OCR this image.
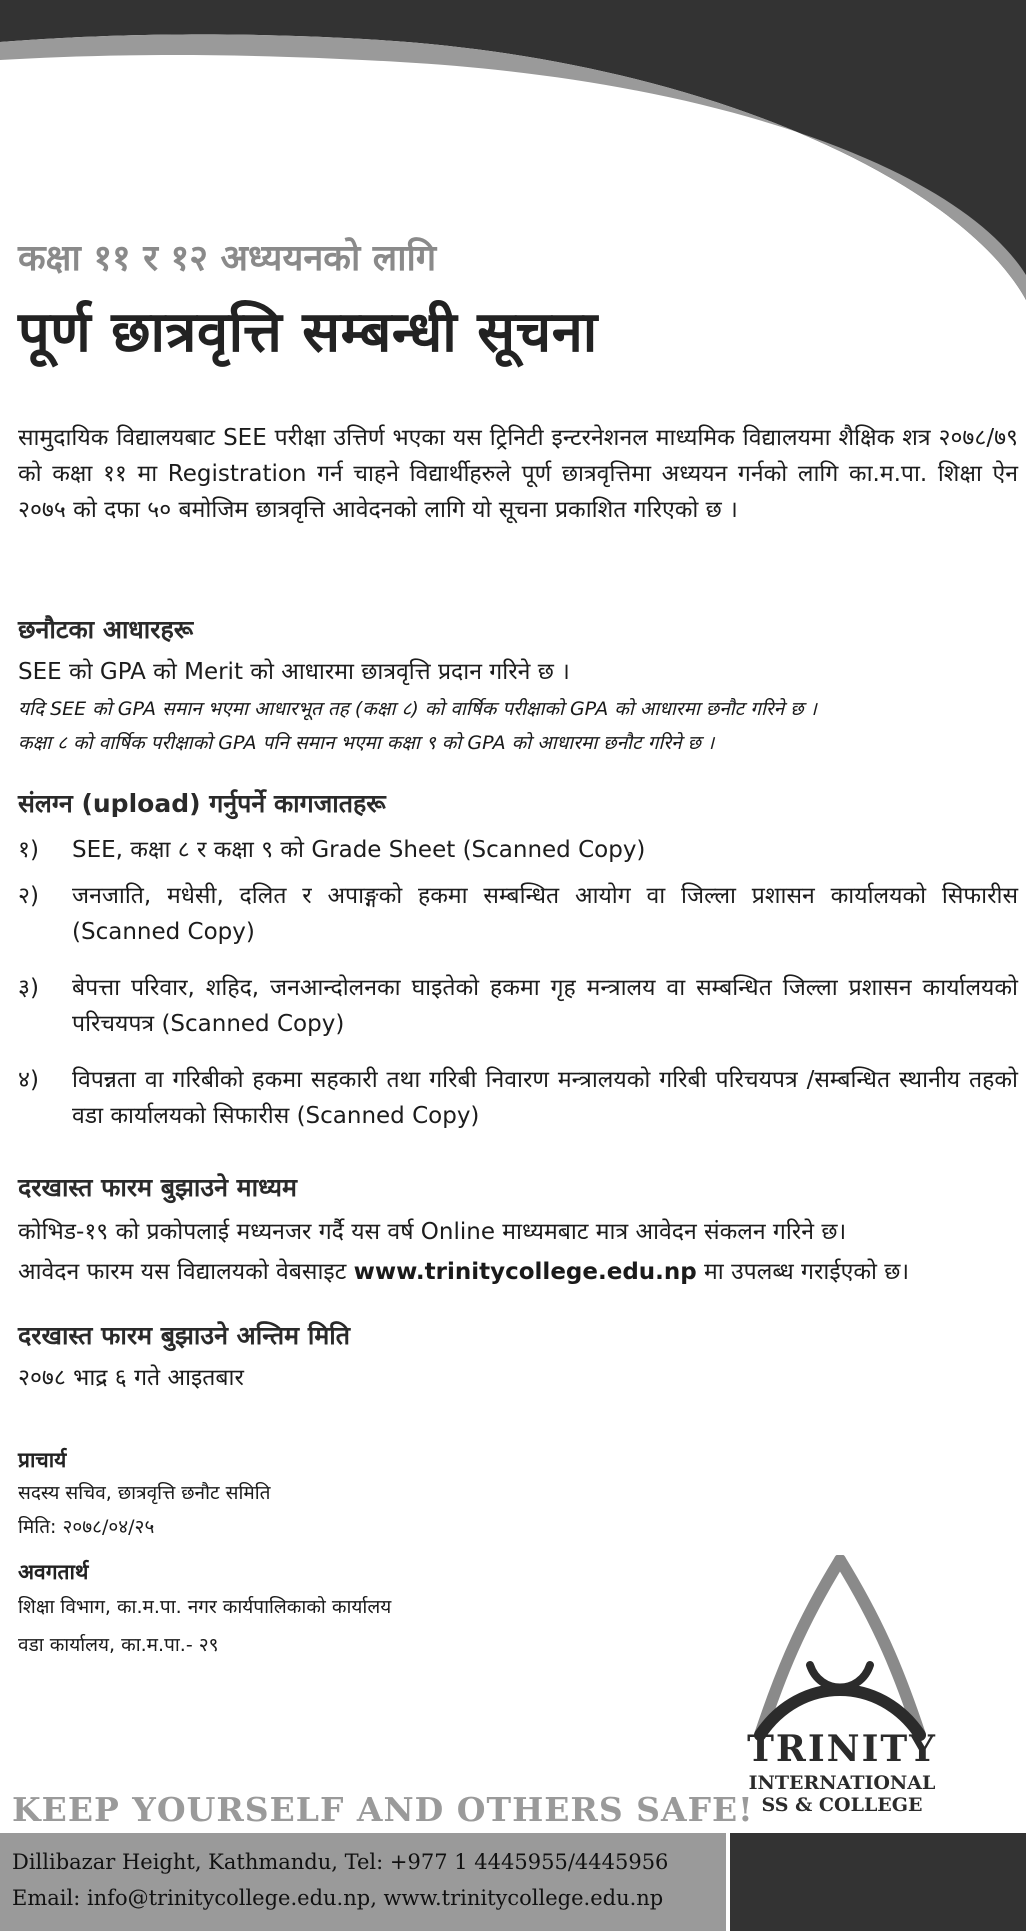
कक्षा ११ र १२ अध्ययनको लागि
पूर्ण छात्रवृत्ति सम्बन्धी सूचना
सामुदायिक विद्यालयबाट SEE परीक्षा उत्तिर्ण भएका यस ट्रिनिटी इन्टरनेशनल माध्यमिक विद्यालयमा शैक्षिक शत्र २०७८/७९ को कक्षा ११ मा Registration गर्न चाहने विद्यार्थीहरुले पूर्ण छात्रवृत्तिमा अध्ययन गर्नको लागि का.म.पा. शिक्षा ऐन २०७५ को दफा ५० बमोजिम छात्रवृत्ति आवेदनको लागि यो सूचना प्रकाशित गरिएको छ ।
छनौटका आधारहरू
SEE को GPA को Merit को आधारमा छात्रवृत्ति प्रदान गरिने छ ।
यदि SEE को GPA समान भएमा आधारभूत तह (कक्षा ८) को वार्षिक परीक्षाको GPA को आधारमा छनौट गरिने छ ।
कक्षा ८ को वार्षिक परीक्षाको GPA पनि समान भएमा कक्षा ९ को GPA को आधारमा छनौट गरिने छ ।
संलग्न (upload) गर्नुपर्ने कागजातहरू
१)	SEE, कक्षा ८ र कक्षा ९ को Grade Sheet (Scanned Copy)
२)	जनजाति, मधेसी, दलित र अपाङ्गको हकमा सम्बन्धित आयोग वा जिल्ला प्रशासन कार्यालयको सिफारीस (Scanned Copy)
३)	बेपत्ता परिवार, शहिद, जनआन्दोलनका घाइतेको हकमा गृह मन्त्रालय वा सम्बन्धित जिल्ला प्रशासन कार्यालयको परिचयपत्र (Scanned Copy)
४)	विपन्नता वा गरिबीको हकमा सहकारी तथा गरिबी निवारण मन्त्रालयको गरिबी परिचयपत्र /सम्बन्धित स्थानीय तहको वडा कार्यालयको सिफारीस (Scanned Copy)
दरखास्त फारम बुझाउने माध्यम
कोभिड-१९ को प्रकोपलाई मध्यनजर गर्दै यस वर्ष Online माध्यमबाट मात्र आवेदन संकलन गरिने छ।
आवेदन फारम यस विद्यालयको वेबसाइट www.trinitycollege.edu.np मा उपलब्ध गराईएको छ।
दरखास्त फारम बुझाउने अन्तिम मिति
२०७८ भाद्र ६ गते आइतबार
प्राचार्य
सदस्य सचिव, छात्रवृत्ति छनौट समिति
मिति: २०७८/०४/२५
अवगतार्थ
शिक्षा विभाग, का.म.पा. नगर कार्यपालिकाको कार्यालय
वडा कार्यालय, का.म.पा.- २९
TRINITY
INTERNATIONAL
SS & COLLEGE
KEEP YOURSELF AND OTHERS SAFE!
Dillibazar Height, Kathmandu, Tel: +977 1 4445955/4445956
Email: info@trinitycollege.edu.np, www.trinitycollege.edu.np
